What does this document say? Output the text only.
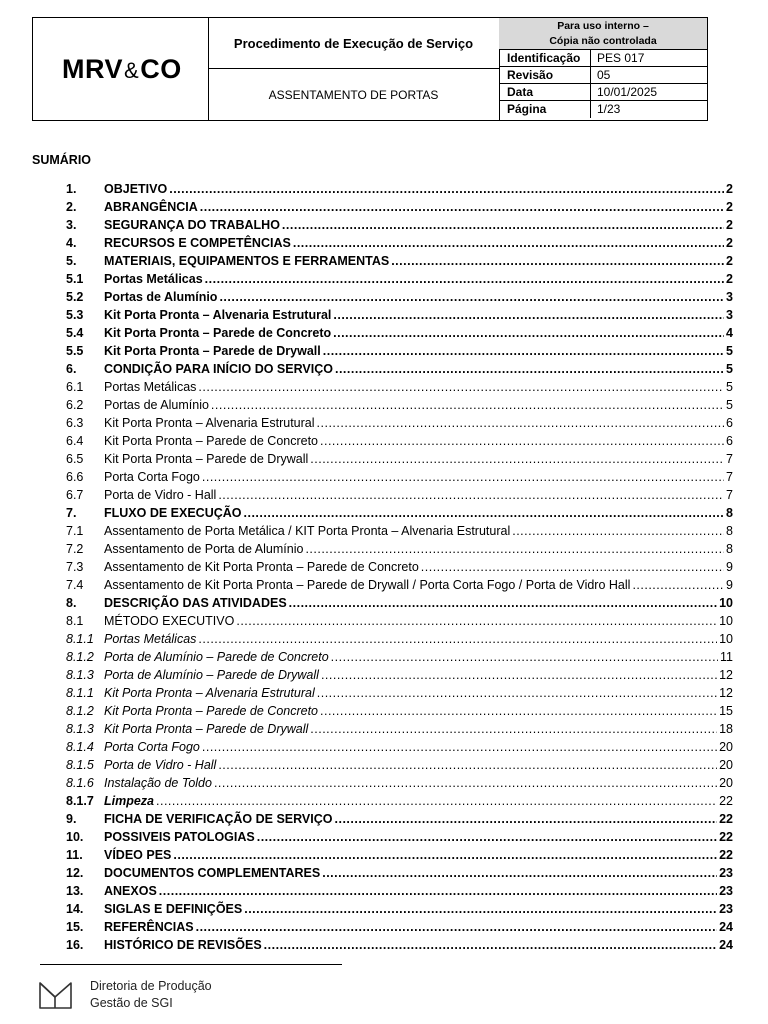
MRV&CO
Procedimento de Execução de Serviço
ASSENTAMENTO DE PORTAS
Para uso interno –
Cópia não controlada
Identificação	PES 017
Revisão	05
Data	10/01/2025
Página	1/23
SUMÁRIO
1.	OBJETIVO .....	2
2.	ABRANGÊNCIA .....	2
3.	SEGURANÇA DO TRABALHO .....	2
4.	RECURSOS E COMPETÊNCIAS .....	2
5.	MATERIAIS, EQUIPAMENTOS E FERRAMENTAS .....	2
5.1	Portas Metálicas .....	2
5.2	Portas de Alumínio .....	3
5.3	Kit Porta Pronta – Alvenaria Estrutural .....	3
5.4	Kit Porta Pronta – Parede de Concreto .....	4
5.5	Kit Porta Pronta – Parede de Drywall .....	5
6.	CONDIÇÃO PARA INÍCIO DO SERVIÇO .....	5
6.1	Portas Metálicas .....	5
6.2	Portas de Alumínio .....	5
6.3	Kit Porta Pronta – Alvenaria Estrutural .....	6
6.4	Kit Porta Pronta – Parede de Concreto .....	6
6.5	Kit Porta Pronta – Parede de Drywall .....	7
6.6	Porta Corta Fogo .....	7
6.7	Porta de Vidro - Hall .....	7
7.	FLUXO DE EXECUÇÃO .....	8
7.1	Assentamento de Porta Metálica / KIT Porta Pronta – Alvenaria Estrutural .....	8
7.2	Assentamento de Porta de Alumínio .....	8
7.3	Assentamento de Kit Porta Pronta – Parede de Concreto .....	9
7.4	Assentamento de Kit Porta Pronta – Parede de Drywall / Porta Corta Fogo / Porta de Vidro Hall .....	9
8.	DESCRIÇÃO DAS ATIVIDADES .....	10
8.1	MÉTODO EXECUTIVO .....	10
8.1.1 Portas Metálicas .....	10
8.1.2 Porta de Alumínio – Parede de Concreto .....	11
8.1.3 Porta de Alumínio – Parede de Drywall .....	12
8.1.1 Kit Porta Pronta – Alvenaria Estrutural .....	12
8.1.2 Kit Porta Pronta – Parede de Concreto .....	15
8.1.3 Kit Porta Pronta – Parede de Drywall .....	18
8.1.4 Porta Corta Fogo .....	20
8.1.5 Porta de Vidro - Hall .....	20
8.1.6 Instalação de Toldo .....	20
8.1.7 Limpeza .....	22
9.	FICHA DE VERIFICAÇÃO DE SERVIÇO .....	22
10.	POSSIVEIS PATOLOGIAS .....	22
11.	VÍDEO PES .....	22
12.	DOCUMENTOS COMPLEMENTARES .....	23
13.	ANEXOS .....	23
14.	SIGLAS E DEFINIÇÕES .....	23
15.	REFERÊNCIAS .....	24
16.	HISTÓRICO DE REVISÕES .....	24
Diretoria de Produção
Gestão de SGI
